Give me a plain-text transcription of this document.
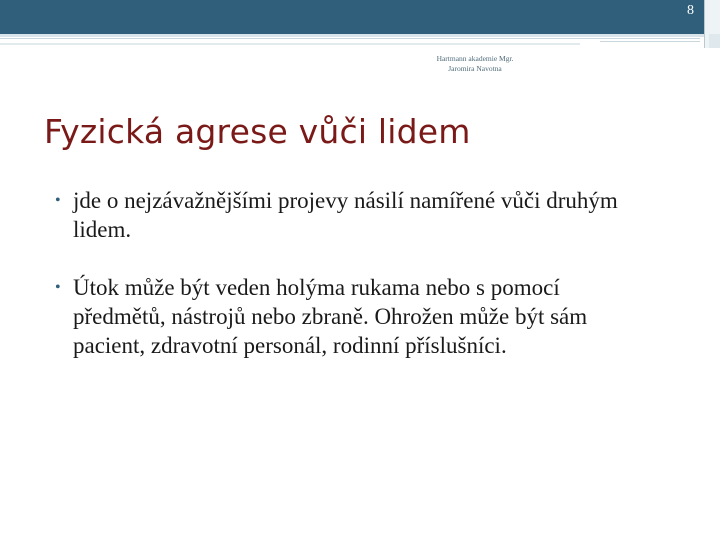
8
Hartmann akademie Mgr.
Jaromira Navotna
Fyzická agrese vůči lidem
• jde o nejzávažnějšími projevy násilí namířené vůči druhým lidem.
• Útok může být veden holýma rukama nebo s pomocí předmětů, nástrojů nebo zbraně. Ohrožen může být sám pacient, zdravotní personál, rodinní příslušníci.
